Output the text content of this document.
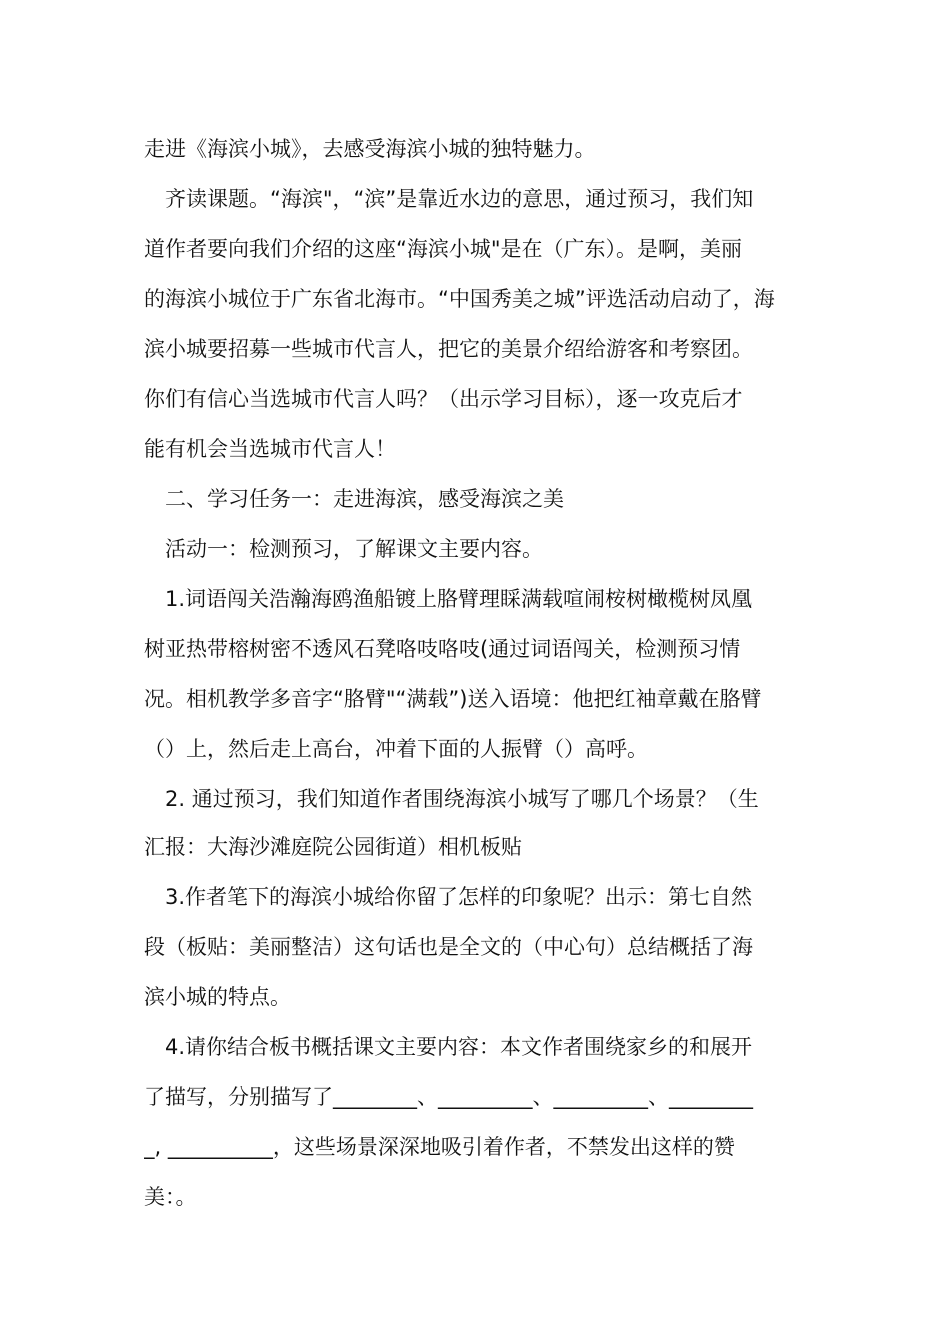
走进《海滨小城》，去感受海滨小城的独特魅力。
　齐读课题。“海滨"，“滨”是靠近水边的意思，通过预习，我们知
道作者要向我们介绍的这座“海滨小城"是在（广东）。是啊，美丽
的海滨小城位于广东省北海市。“中国秀美之城”评选活动启动了，海
滨小城要招募一些城市代言人，把它的美景介绍给游客和考察团。
你们有信心当选城市代言人吗？（出示学习目标），逐一攻克后才
能有机会当选城市代言人！
　二、学习任务一：走进海滨，感受海滨之美
　活动一：检测预习，了解课文主要内容。
　1.词语闯关浩瀚海鸥渔船镀上胳臂理睬满载喧闹桉树橄榄树凤凰
树亚热带榕树密不透风石凳咯吱咯吱(通过词语闯关，检测预习情
况。相机教学多音字“胳臂"“满载”)送入语境：他把红袖章戴在胳臂
（）上，然后走上高台，冲着下面的人振臂（）高呼。
　2. 通过预习，我们知道作者围绕海滨小城写了哪几个场景？（生
汇报：大海沙滩庭院公园街道）相机板贴
　3.作者笔下的海滨小城给你留了怎样的印象呢？出示：第七自然
段（板贴：美丽整洁）这句话也是全文的（中心句）总结概括了海
滨小城的特点。
　4.请你结合板书概括课文主要内容：本文作者围绕家乡的和展开
了描写，分别描写了________、_________、_________、________
_, __________，这些场景深深地吸引着作者，不禁发出这样的赞
美：。
